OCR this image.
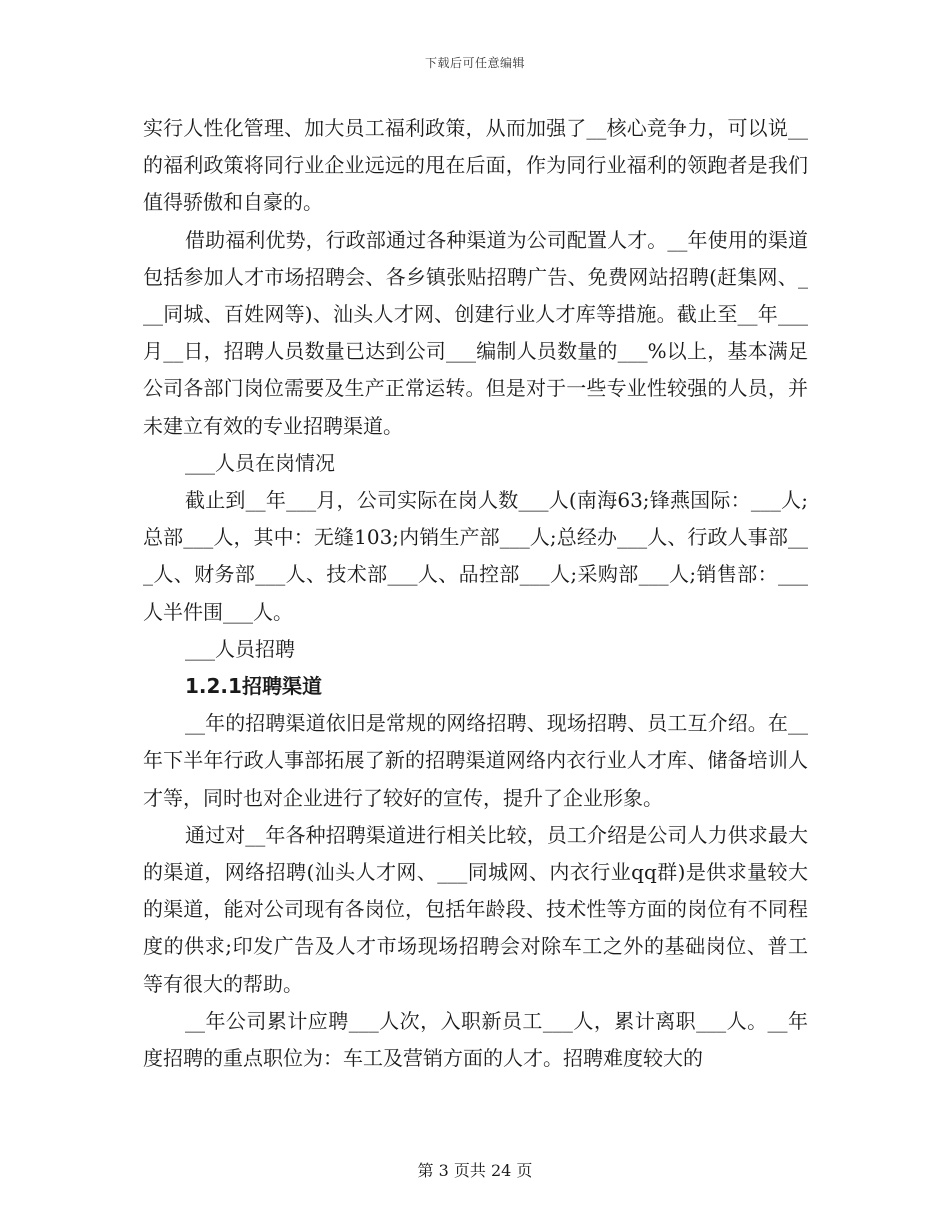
下载后可任意编辑

实行人性化管理、加大员工福利政策，从而加强了__核心竞争力，可以说__的福利政策将同行业企业远远的甩在后面，作为同行业福利的领跑者是我们值得骄傲和自豪的。

借助福利优势，行政部通过各种渠道为公司配置人才。__年使用的渠道包括参加人才市场招聘会、各乡镇张贴招聘广告、免费网站招聘(赶集网、___同城、百姓网等)、汕头人才网、创建行业人才库等措施。截止至__年___月__日，招聘人员数量已达到公司___编制人员数量的___%以上，基本满足公司各部门岗位需要及生产正常运转。但是对于一些专业性较强的人员，并未建立有效的专业招聘渠道。

___人员在岗情况

截止到__年___月，公司实际在岗人数___人(南海63;锋燕国际：___人;总部___人，其中：无缝103;内销生产部___人;总经办___人、行政人事部___人、财务部___人、技术部___人、品控部___人;采购部___人;销售部：___人半件围___人。

___人员招聘

1.2.1招聘渠道

__年的招聘渠道依旧是常规的网络招聘、现场招聘、员工互介绍。在__年下半年行政人事部拓展了新的招聘渠道网络内衣行业人才库、储备培训人才等，同时也对企业进行了较好的宣传，提升了企业形象。

通过对__年各种招聘渠道进行相关比较，员工介绍是公司人力供求最大的渠道，网络招聘(汕头人才网、___同城网、内衣行业qq群)是供求量较大的渠道，能对公司现有各岗位，包括年龄段、技术性等方面的岗位有不同程度的供求;印发广告及人才市场现场招聘会对除车工之外的基础岗位、普工等有很大的帮助。

__年公司累计应聘___人次，入职新员工___人，累计离职___人。__年度招聘的重点职位为：车工及营销方面的人才。招聘难度较大的

第 3 页共 24 页
